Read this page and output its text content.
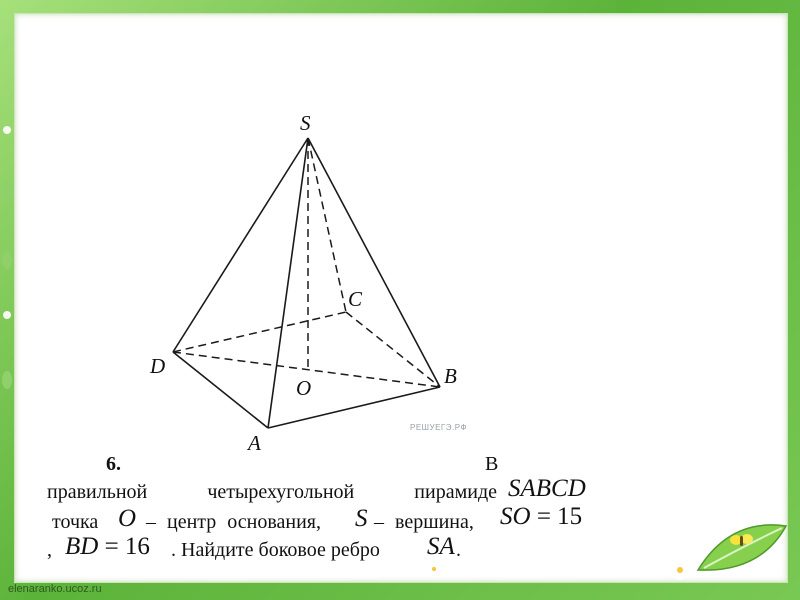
S
C
D
O	B
A
РЕШУЕГЭ.РФ
6.	В
правильной четырехугольной пирамиде SABCD
точка O – центр основания, S – вершина, SO = 15
, BD = 16 . Найдите боковое ребро SA .
elenaranko.ucoz.ru
